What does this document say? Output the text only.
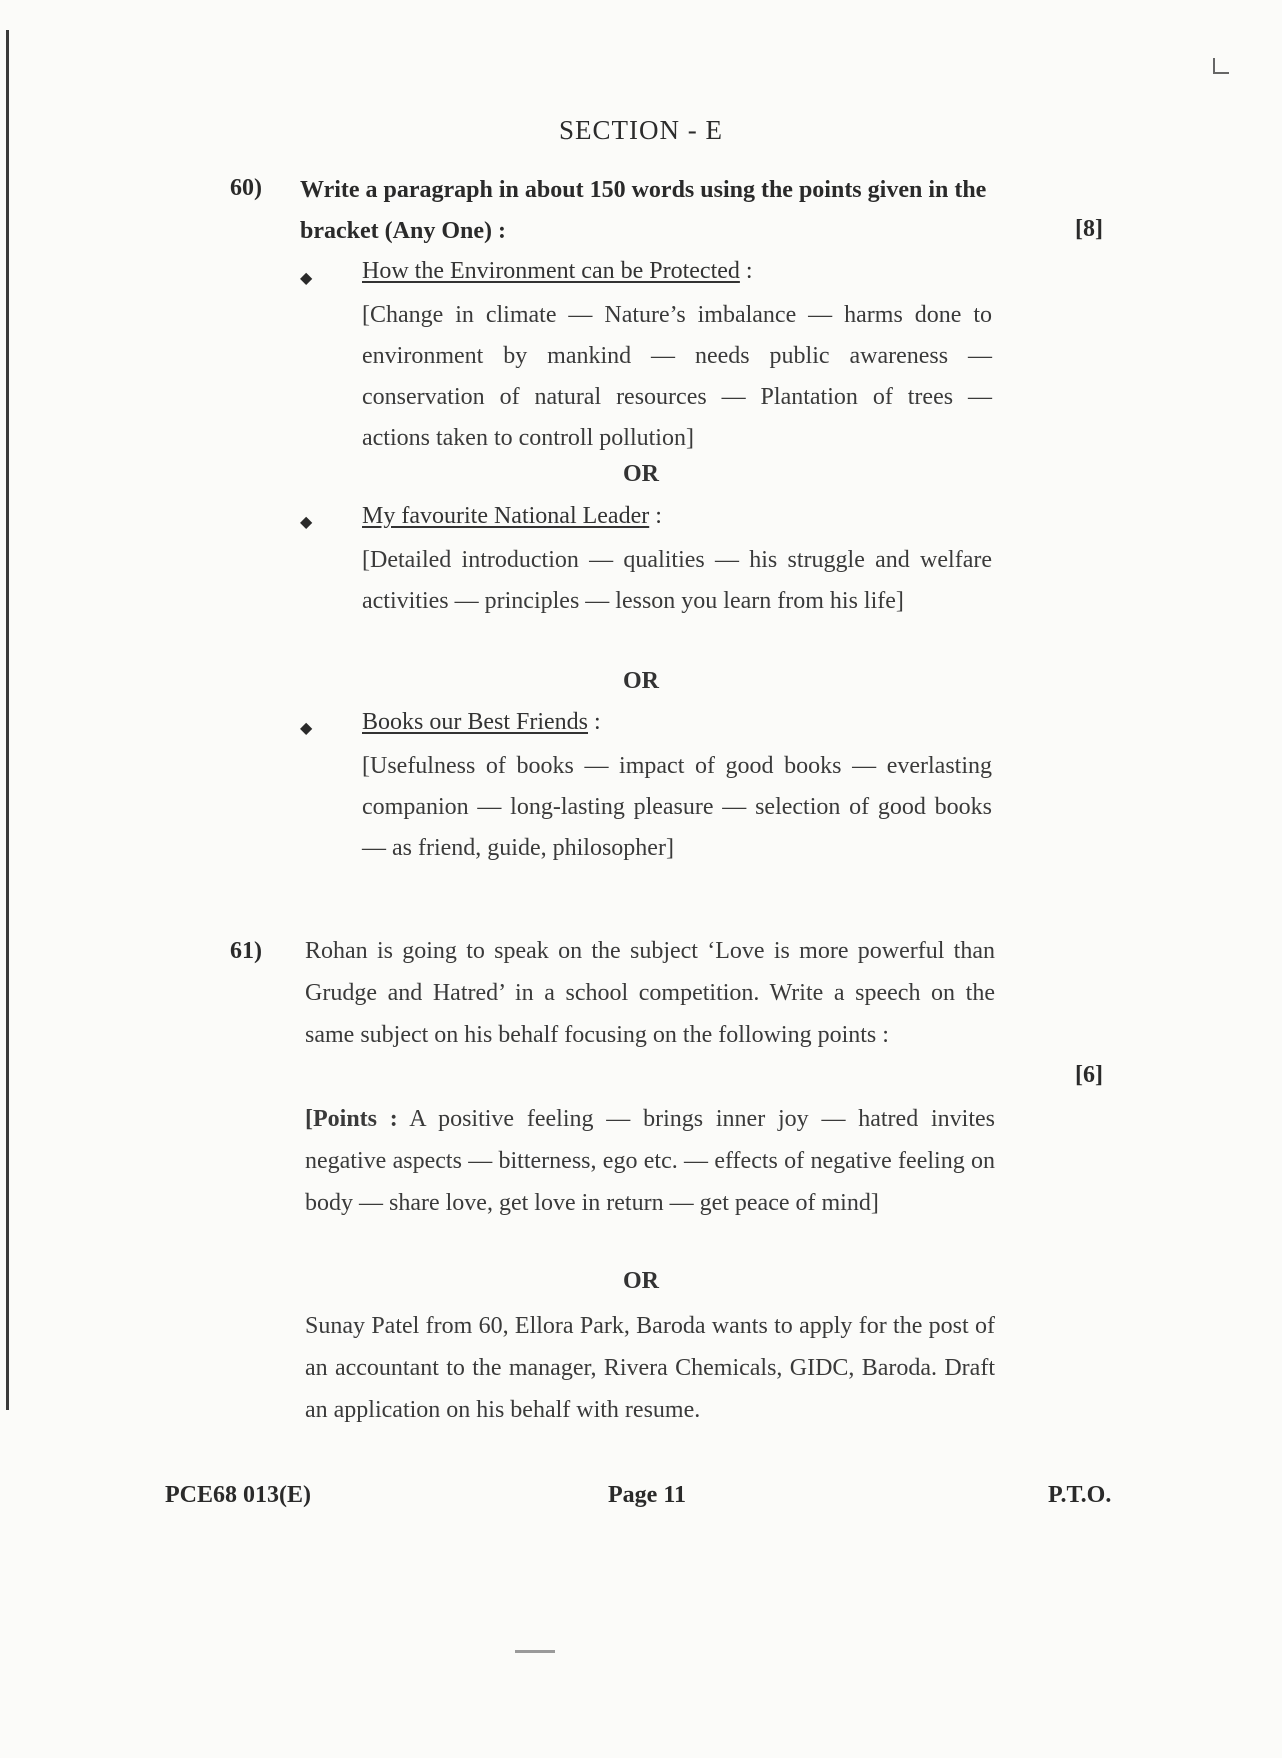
SECTION - E
60) Write a paragraph in about 150 words using the points given in the bracket (Any One) :	[8]
◆ How the Environment can be Protected :
[Change in climate — Nature’s imbalance — harms done to environment by mankind — needs public awareness — conservation of natural resources — Plantation of trees — actions taken to controll pollution]
OR
◆ My favourite National Leader :
[Detailed introduction — qualities — his struggle and welfare activities — principles — lesson you learn from his life]
OR
◆ Books our Best Friends :
[Usefulness of books — impact of good books — everlasting companion — long-lasting pleasure — selection of good books — as friend, guide, philosopher]
61)
[6]
Rohan is going to speak on the subject ‘Love is more powerful than Grudge and Hatred’ in a school competition. Write a speech on the same subject on his behalf focusing on the following points :
[Points : A positive feeling — brings inner joy — hatred invites negative aspects — bitterness, ego etc. — effects of negative feeling on body — share love, get love in return — get peace of mind]
OR
Sunay Patel from 60, Ellora Park, Baroda wants to apply for the post of an accountant to the manager, Rivera Chemicals, GIDC, Baroda. Draft an application on his behalf with resume.
PCE68 013(E)	Page 11	P.T.O.
